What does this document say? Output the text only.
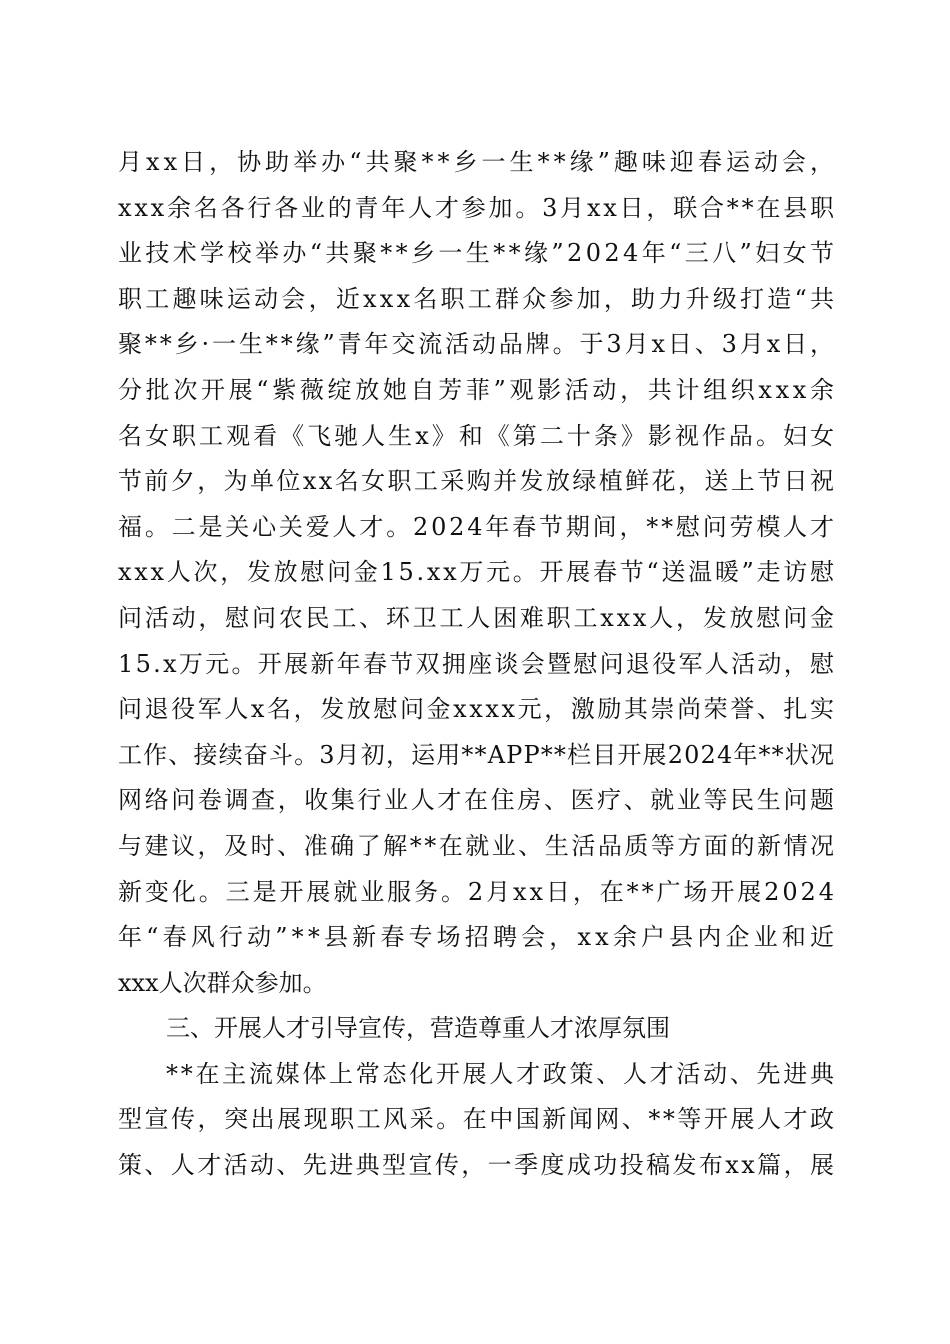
月xx日，协助举办“共聚**乡一生**缘”趣味迎春运动会，
xxx余名各行各业的青年人才参加。3月xx日，联合**在县职
业技术学校举办“共聚**乡一生**缘”2024年“三八”妇女节
职工趣味运动会，近xxx名职工群众参加，助力升级打造“共
聚**乡·一生**缘”青年交流活动品牌。于3月x日、3月x日，
分批次开展“紫薇绽放她自芳菲”观影活动，共计组织xxx余
名女职工观看《飞驰人生x》和《第二十条》影视作品。妇女
节前夕，为单位xx名女职工采购并发放绿植鲜花，送上节日祝
福。二是关心关爱人才。2024年春节期间，**慰问劳模人才
xxx人次，发放慰问金15.xx万元。开展春节“送温暖”走访慰
问活动，慰问农民工、环卫工人困难职工xxx人，发放慰问金
15.x万元。开展新年春节双拥座谈会暨慰问退役军人活动，慰
问退役军人x名，发放慰问金xxxx元，激励其崇尚荣誉、扎实
工作、接续奋斗。3月初，运用**APP**栏目开展2024年**状况
网络问卷调查，收集行业人才在住房、医疗、就业等民生问题
与建议，及时、准确了解**在就业、生活品质等方面的新情况
新变化。三是开展就业服务。2月xx日，在**广场开展2024
年“春风行动”**县新春专场招聘会，xx余户县内企业和近
xxx人次群众参加。
三、开展人才引导宣传，营造尊重人才浓厚氛围
**在主流媒体上常态化开展人才政策、人才活动、先进典
型宣传，突出展现职工风采。在中国新闻网、**等开展人才政
策、人才活动、先进典型宣传，一季度成功投稿发布xx篇，展
